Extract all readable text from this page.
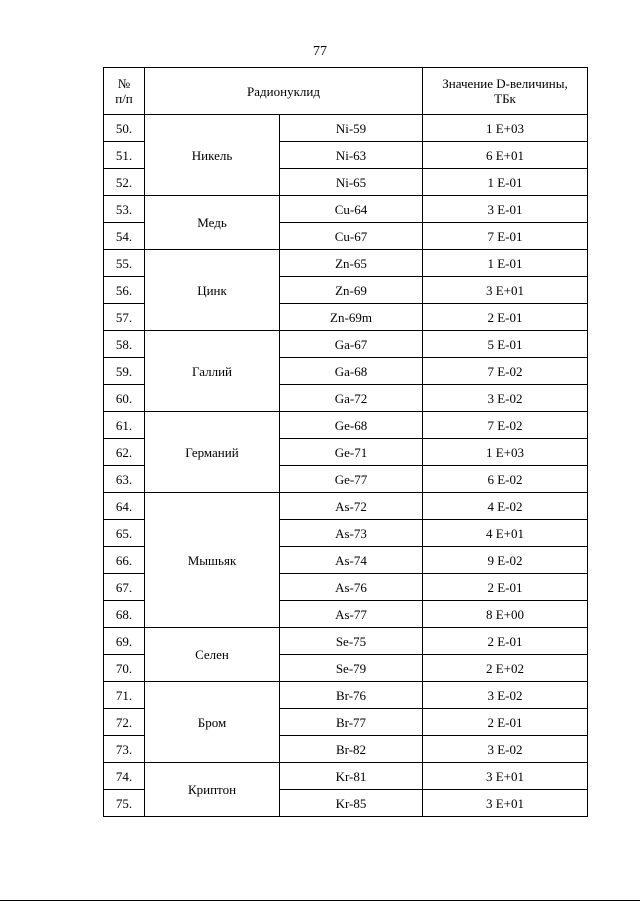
77
№
п/п	Радионуклид		Значение D-величины,
ТБк
50.	Никель	Ni-59	1 E+03
51.		Ni-63	6 E+01
52.		Ni-65	1 E-01
53.	Медь	Cu-64	3 E-01
54.		Cu-67	7 E-01
55.	Цинк	Zn-65	1 E-01
56.		Zn-69	3 E+01
57.		Zn-69m	2 E-01
58.	Галлий	Ga-67	5 E-01
59.		Ga-68	7 E-02
60.		Ga-72	3 E-02
61.	Германий	Ge-68	7 E-02
62.		Ge-71	1 E+03
63.		Ge-77	6 E-02
64.	Мышьяк	As-72	4 E-02
65.		As-73	4 E+01
66.		As-74	9 E-02
67.		As-76	2 E-01
68.		As-77	8 E+00
69.	Селен	Se-75	2 E-01
70.		Se-79	2 E+02
71.	Бром	Br-76	3 E-02
72.		Br-77	2 E-01
73.		Br-82	3 E-02
74.	Криптон	Kr-81	3 E+01
75.		Kr-85	3 E+01
